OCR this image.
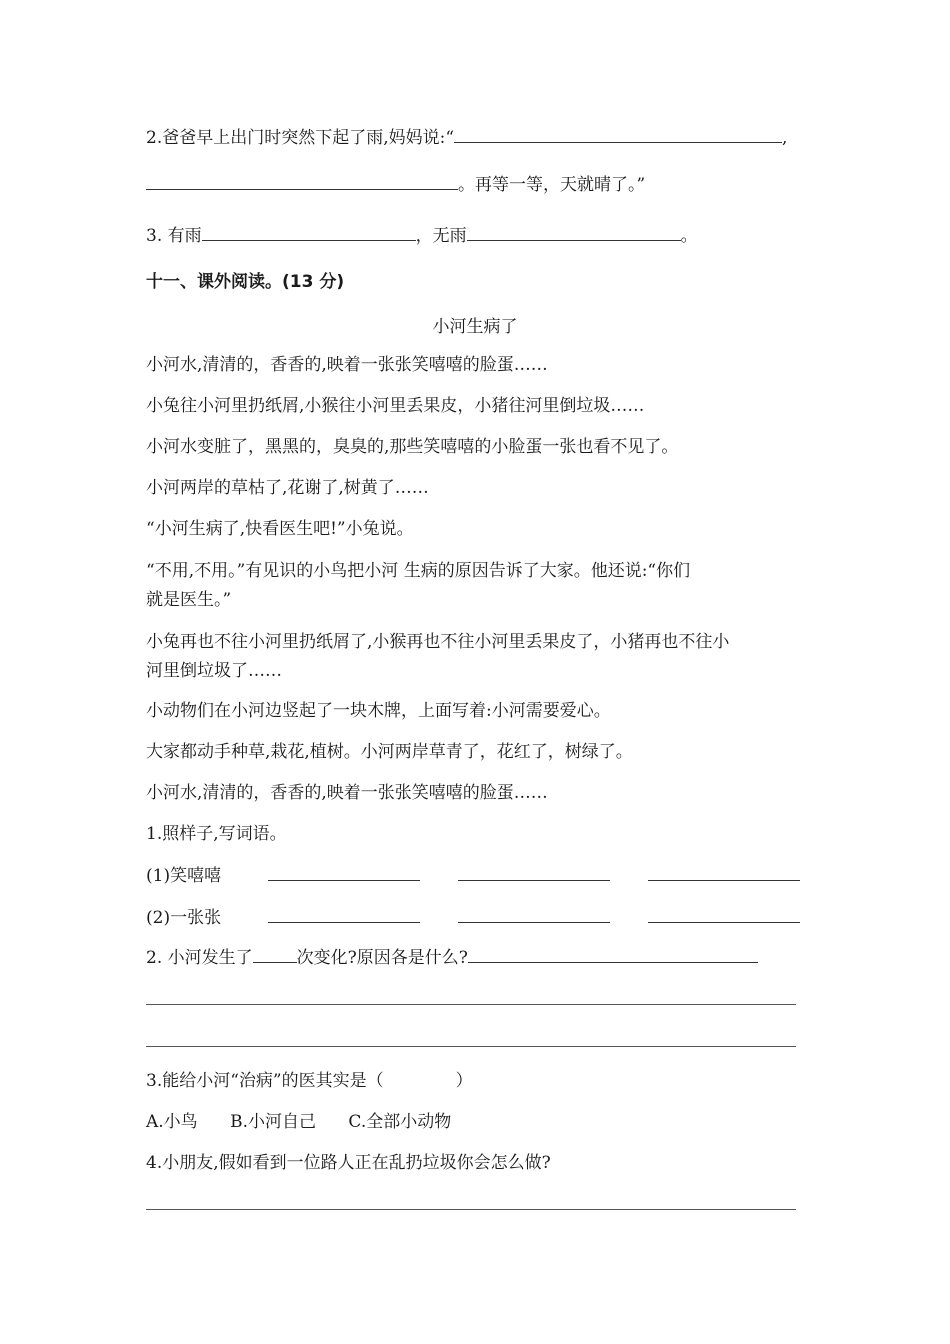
2.爸爸早上出门时突然下起了雨,妈妈说:“	,
。再等一等，天就晴了。”
3. 有雨	，无雨	。
十一、课外阅读。(13 分)
小河生病了
小河水,清清的，香香的,映着一张张笑嘻嘻的脸蛋……
小兔往小河里扔纸屑,小猴往小河里丢果皮，小猪往河里倒垃圾……
小河水变脏了，黑黑的，臭臭的,那些笑嘻嘻的小脸蛋一张也看不见了。
小河两岸的草枯了,花谢了,树黄了……
“小河生病了,快看医生吧!”小兔说。
“不用,不用。”有见识的小鸟把小河 生病的原因告诉了大家。他还说:“你们
就是医生。”
小兔再也不往小河里扔纸屑了,小猴再也不往小河里丢果皮了，小猪再也不往小
河里倒垃圾了……
小动物们在小河边竖起了一块木牌，上面写着:小河需要爱心。
大家都动手种草,栽花,植树。小河两岸草青了，花红了，树绿了。
小河水,清清的，香香的,映着一张张笑嘻嘻的脸蛋……
1.照样子,写词语。
(1)笑嘻嘻
(2)一张张
2. 小河发生了	次变化?原因各是什么?
3.能给小河“治病”的医其实是（	）
A.小鸟      B.小河自己      C.全部小动物
4.小朋友,假如看到一位路人正在乱扔垃圾你会怎么做?
